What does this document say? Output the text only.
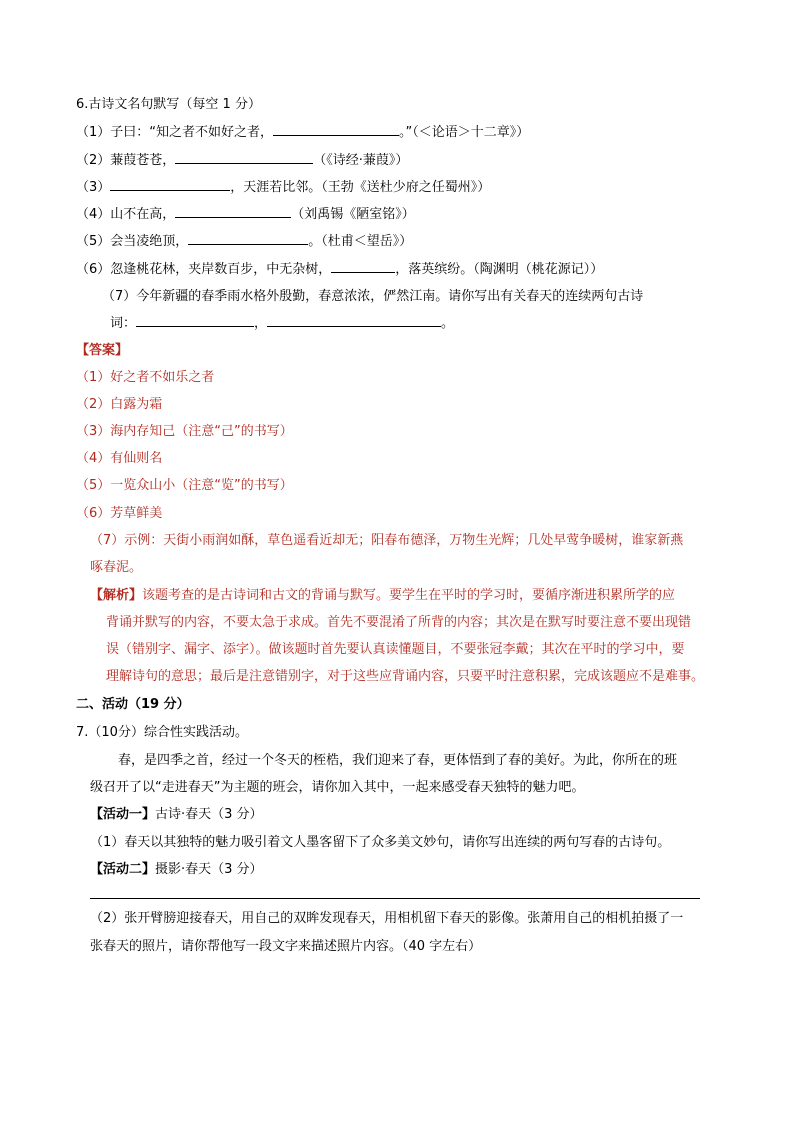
6.古诗文名句默写（每空 1 分）
（1）子曰：“知之者不如好之者，	。”（＜论语＞十二章》）
（2）蒹葭苍苍，	（《诗经·蒹葭》）
（3）	，天涯若比邻。（王勃《送杜少府之任蜀州》）
（4）山不在高，	（刘禹锡《陋室铭》）
（5）会当凌绝顶，	。（杜甫＜望岳》）
（6）忽逢桃花林，夹岸数百步，中无杂树，	，落英缤纷。（陶渊明（桃花源记））
（7）今年新疆的春季雨水格外殷勤，春意浓浓，俨然江南。请你写出有关春天的连续两句古诗
词：	，	。
【答案】
（1）好之者不如乐之者
（2）白露为霜
（3）海内存知己（注意“己”的书写）
（4）有仙则名
（5）一览众山小（注意“览”的书写）
（6）芳草鲜美
（7）示例：天街小雨润如酥，草色遥看近却无；阳春布德泽，万物生光辉；几处早莺争暖树，谁家新燕
啄春泥。
【解析】该题考查的是古诗词和古文的背诵与默写。要学生在平时的学习时，要循序渐进积累所学的应
背诵并默写的内容，不要太急于求成。首先不要混淆了所背的内容；其次是在默写时要注意不要出现错
误（错别字、漏字、添字）。做该题时首先要认真读懂题目，不要张冠李戴；其次在平时的学习中，要
理解诗句的意思；最后是注意错别字，对于这些应背诵内容，只要平时注意积累，完成该题应不是难事。
二、活动（19 分）
7.（10分）综合性实践活动。
春，是四季之首，经过一个冬天的桎梏，我们迎来了春，更体悟到了春的美好。为此，你所在的班
级召开了以“走进春天”为主题的班会，请你加入其中，一起来感受春天独特的魅力吧。
【活动一】古诗·春天（3 分）
（1）春天以其独特的魅力吸引着文人墨客留下了众多美文妙句，请你写出连续的两句写春的古诗句。
【活动二】摄影·春天（3 分）
（2）张开臂膀迎接春天，用自己的双眸发现春天，用相机留下春天的影像。张萧用自己的相机拍摄了一
张春天的照片，请你帮他写一段文字来描述照片内容。（40 字左右）
